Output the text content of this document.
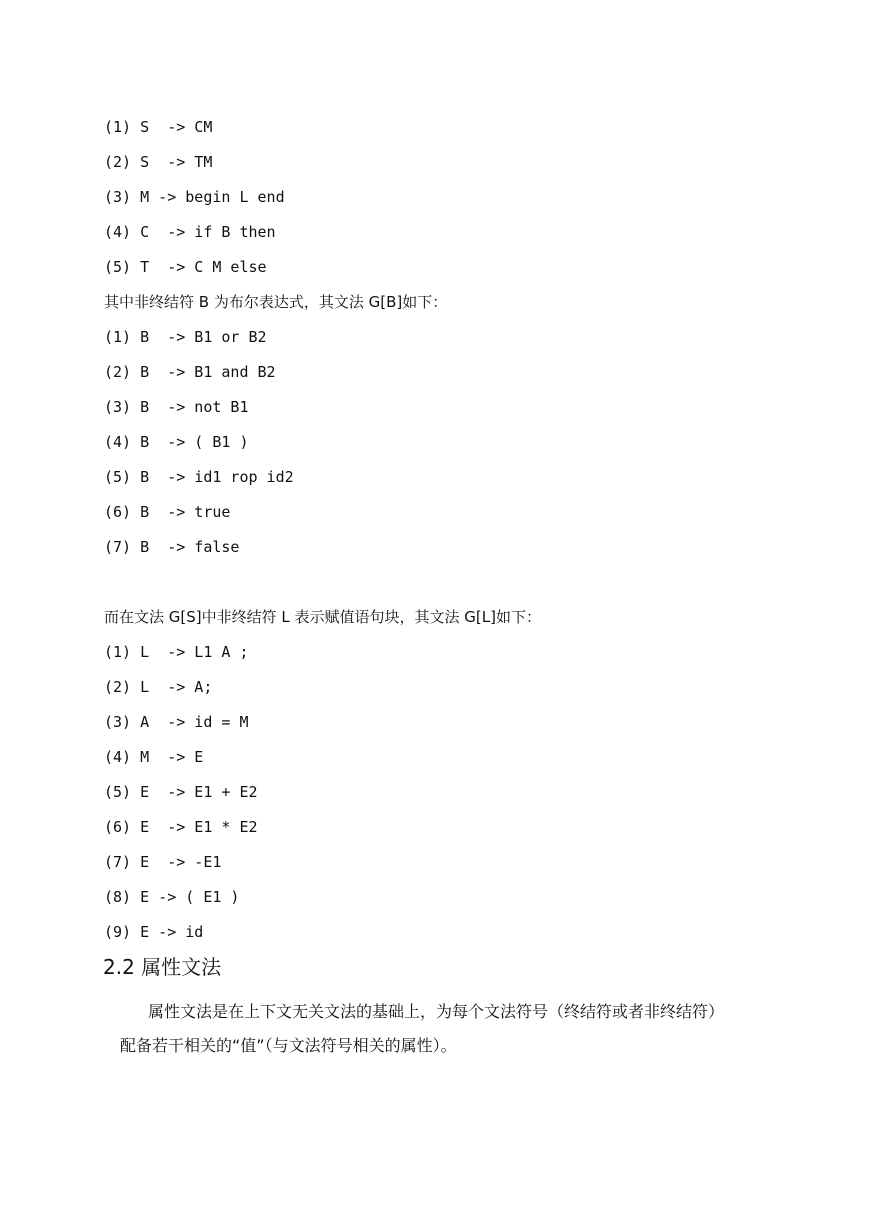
(1) S  -> CM
(2) S  -> TM
(3) M -> begin L end
(4) C  -> if B then
(5) T  -> C M else
其中非终结符 B 为布尔表达式，其文法 G[B]如下：
(1) B  -> B1 or B2
(2) B  -> B1 and B2
(3) B  -> not B1
(4) B  -> ( B1 )
(5) B  -> id1 rop id2
(6) B  -> true
(7) B  -> false
而在文法 G[S]中非终结符 L 表示赋值语句块，其文法 G[L]如下：
(1) L  -> L1 A ;
(2) L  -> A;
(3) A  -> id = M
(4) M  -> E
(5) E  -> E1 + E2
(6) E  -> E1 * E2
(7) E  -> -E1
(8) E -> ( E1 )
(9) E -> id
2.2 属性文法

属性文法是在上下文无关文法的基础上，为每个文法符号（终结符或者非终结符）

配备若干相关的“值”（与文法符号相关的属性）。
